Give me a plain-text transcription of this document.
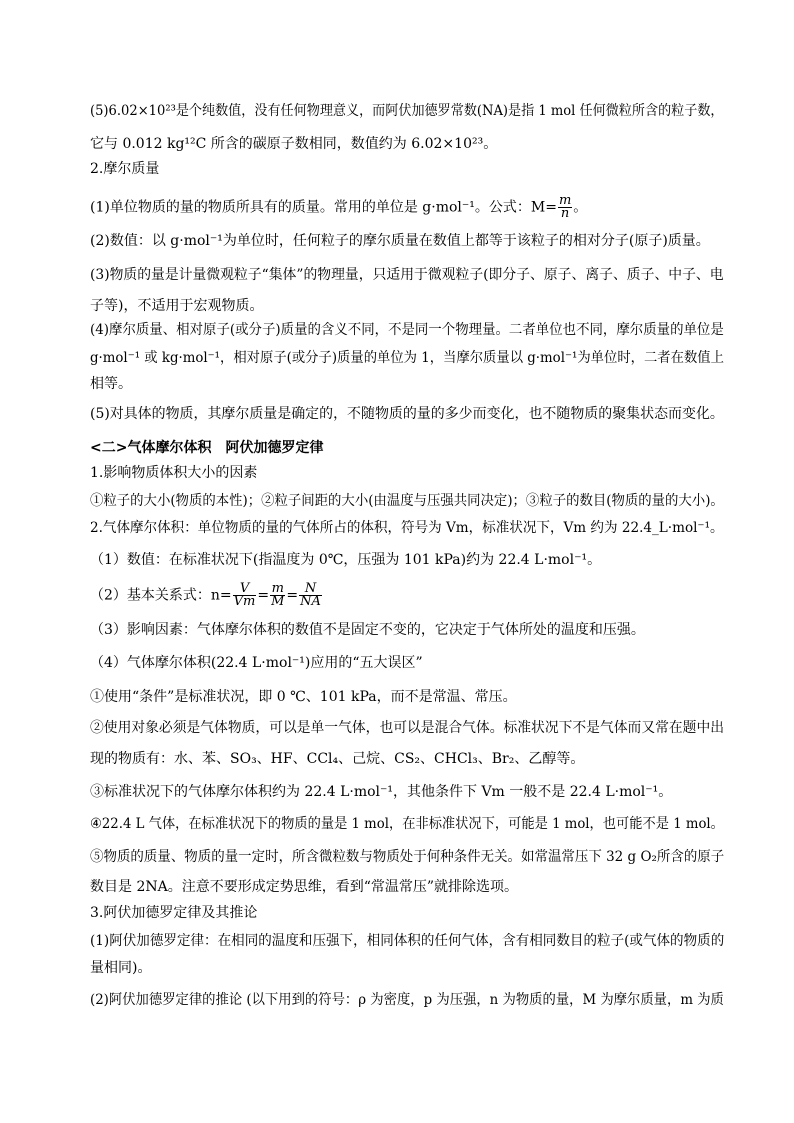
(5)6.02×10²³是个纯数值，没有任何物理意义，而阿伏加德罗常数(NA)是指 1 mol 任何微粒所含的粒子数，
它与 0.012 kg¹²C 所含的碳原子数相同，数值约为 6.02×10²³。
2.摩尔质量
(1)单位物质的量的物质所具有的质量。常用的单位是 g·mol⁻¹。公式：$M= \frac{m}{n}$ 。
(2)数值：以 g·mol⁻¹为单位时，任何粒子的摩尔质量在数值上都等于该粒子的相对分子(原子)质量。
(3)物质的量是计量微观粒子“集体”的物理量，只适用于微观粒子(即分子、原子、离子、质子、中子、电
子等)，不适用于宏观物质。
(4)摩尔质量、相对原子(或分子)质量的含义不同，不是同一个物理量。二者单位也不同，摩尔质量的单位是
g·mol⁻¹ 或 kg·mol⁻¹，相对原子(或分子)质量的单位为 1，当摩尔质量以 g·mol⁻¹为单位时，二者在数值上
相等。
(5)对具体的物质，其摩尔质量是确定的，不随物质的量的多少而变化，也不随物质的聚集状态而变化。
<二>气体摩尔体积　阿伏加德罗定律
1.影响物质体积大小的因素
①粒子的大小(物质的本性)；②粒子间距的大小(由温度与压强共同决定)；③粒子的数目(物质的量的大小)。
2.气体摩尔体积：单位物质的量的气体所占的体积，符号为 Vm，标准状况下，Vm 约为 22.4_L·mol⁻¹。
（1）数值：在标准状况下(指温度为 0℃，压强为 101 kPa)约为 22.4 L·mol⁻¹。
（2）基本关系式：$n= \frac{V}{Vm} = \frac{m}{M} = \frac{N}{NA}$
（3）影响因素：气体摩尔体积的数值不是固定不变的，它决定于气体所处的温度和压强。
（4）气体摩尔体积(22.4 L·mol⁻¹)应用的“五大误区”
①使用“条件”是标准状况，即 0 ℃、101 kPa，而不是常温、常压。
②使用对象必须是气体物质，可以是单一气体，也可以是混合气体。标准状况下不是气体而又常在题中出
现的物质有：水、苯、SO₃、HF、CCl₄、己烷、CS₂、CHCl₃、Br₂、乙醇等。
③标准状况下的气体摩尔体积约为 22.4 L·mol⁻¹，其他条件下 Vm 一般不是 22.4 L·mol⁻¹。
④22.4 L 气体，在标准状况下的物质的量是 1 mol，在非标准状况下，可能是 1 mol，也可能不是 1 mol。
⑤物质的质量、物质的量一定时，所含微粒数与物质处于何种条件无关。如常温常压下 32 g O₂所含的原子
数目是 2NA。注意不要形成定势思维，看到“常温常压”就排除选项。
3.阿伏加德罗定律及其推论
(1)阿伏加德罗定律：在相同的温度和压强下，相同体积的任何气体，含有相同数目的粒子(或气体的物质的
量相同)。
(2)阿伏加德罗定律的推论 (以下用到的符号：ρ 为密度，p 为压强，n 为物质的量，M 为摩尔质量，m 为质
